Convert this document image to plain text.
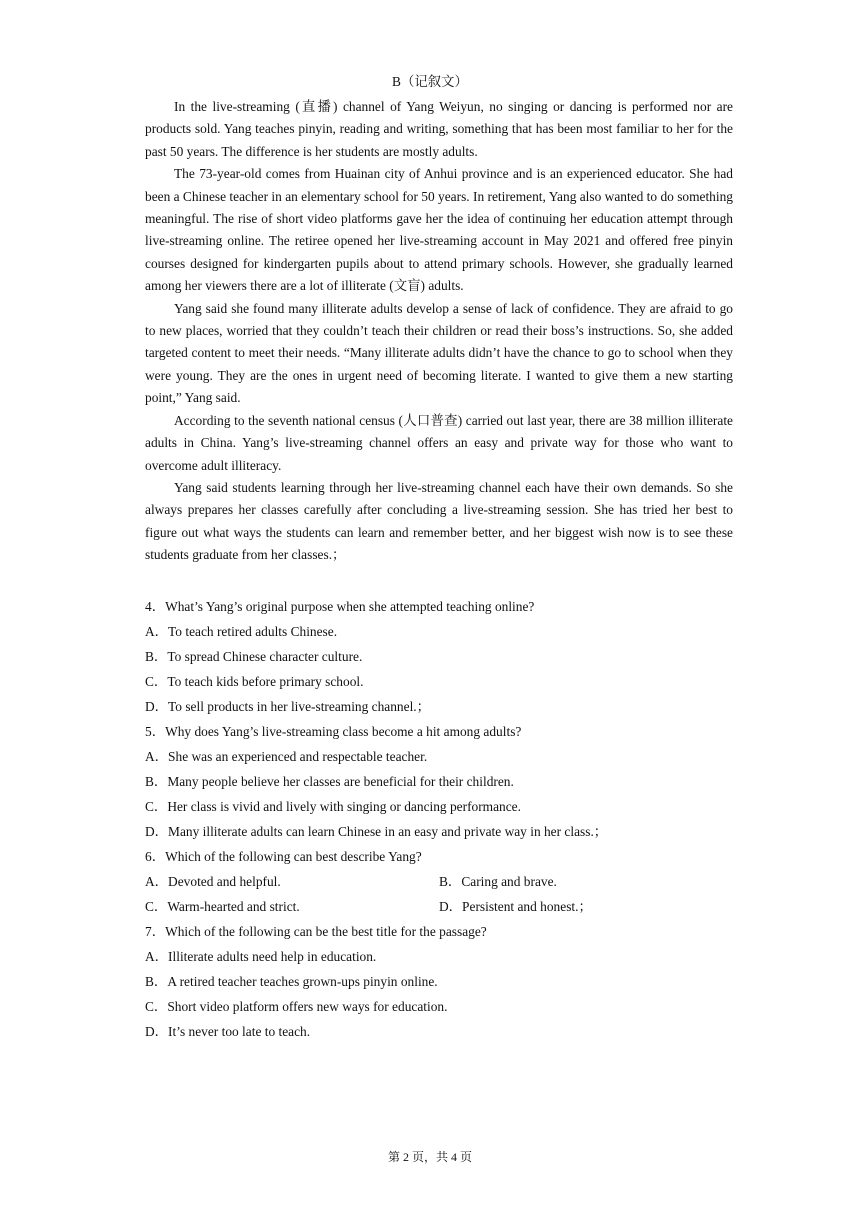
B（记叙文）

In the live-streaming (直播) channel of Yang Weiyun, no singing or dancing is performed nor are products sold. Yang teaches pinyin, reading and writing, something that has been most familiar to her for the past 50 years. The difference is her students are mostly adults.

The 73-year-old comes from Huainan city of Anhui province and is an experienced educator. She had been a Chinese teacher in an elementary school for 50 years. In retirement, Yang also wanted to do something meaningful. The rise of short video platforms gave her the idea of continuing her education attempt through live-streaming online. The retiree opened her live-streaming account in May 2021 and offered free pinyin courses designed for kindergarten pupils about to attend primary schools. However, she gradually learned among her viewers there are a lot of illiterate (文盲) adults.

Yang said she found many illiterate adults develop a sense of lack of confidence. They are afraid to go to new places, worried that they couldn’t teach their children or read their boss’s instructions. So, she added targeted content to meet their needs. “Many illiterate adults didn’t have the chance to go to school when they were young. They are the ones in urgent need of becoming literate. I wanted to give them a new starting point,” Yang said.

According to the seventh national census (人口普查) carried out last year, there are 38 million illiterate adults in China. Yang’s live-streaming channel offers an easy and private way for those who want to overcome adult illiteracy.

Yang said students learning through her live-streaming channel each have their own demands. So she always prepares her classes carefully after concluding a live-streaming session. She has tried her best to figure out what ways the students can learn and remember better, and her biggest wish now is to see these students graduate from her classes.；

4．What’s Yang’s original purpose when she attempted teaching online?

A．To teach retired adults Chinese.

B．To spread Chinese character culture.

C．To teach kids before primary school.

D．To sell products in her live-streaming channel.；

5．Why does Yang’s live-streaming class become a hit among adults?

A．She was an experienced and respectable teacher.

B．Many people believe her classes are beneficial for their children.

C．Her class is vivid and lively with singing or dancing performance.

D．Many illiterate adults can learn Chinese in an easy and private way in her class.；

6．Which of the following can best describe Yang?

A．Devoted and helpful.	B．Caring and brave.

C．Warm-hearted and strict.	D．Persistent and honest.；

7．Which of the following can be the best title for the passage?

A．Illiterate adults need help in education.

B．A retired teacher teaches grown-ups pinyin online.

C．Short video platform offers new ways for education.

D．It’s never too late to teach.

第 2 页，共 4 页
